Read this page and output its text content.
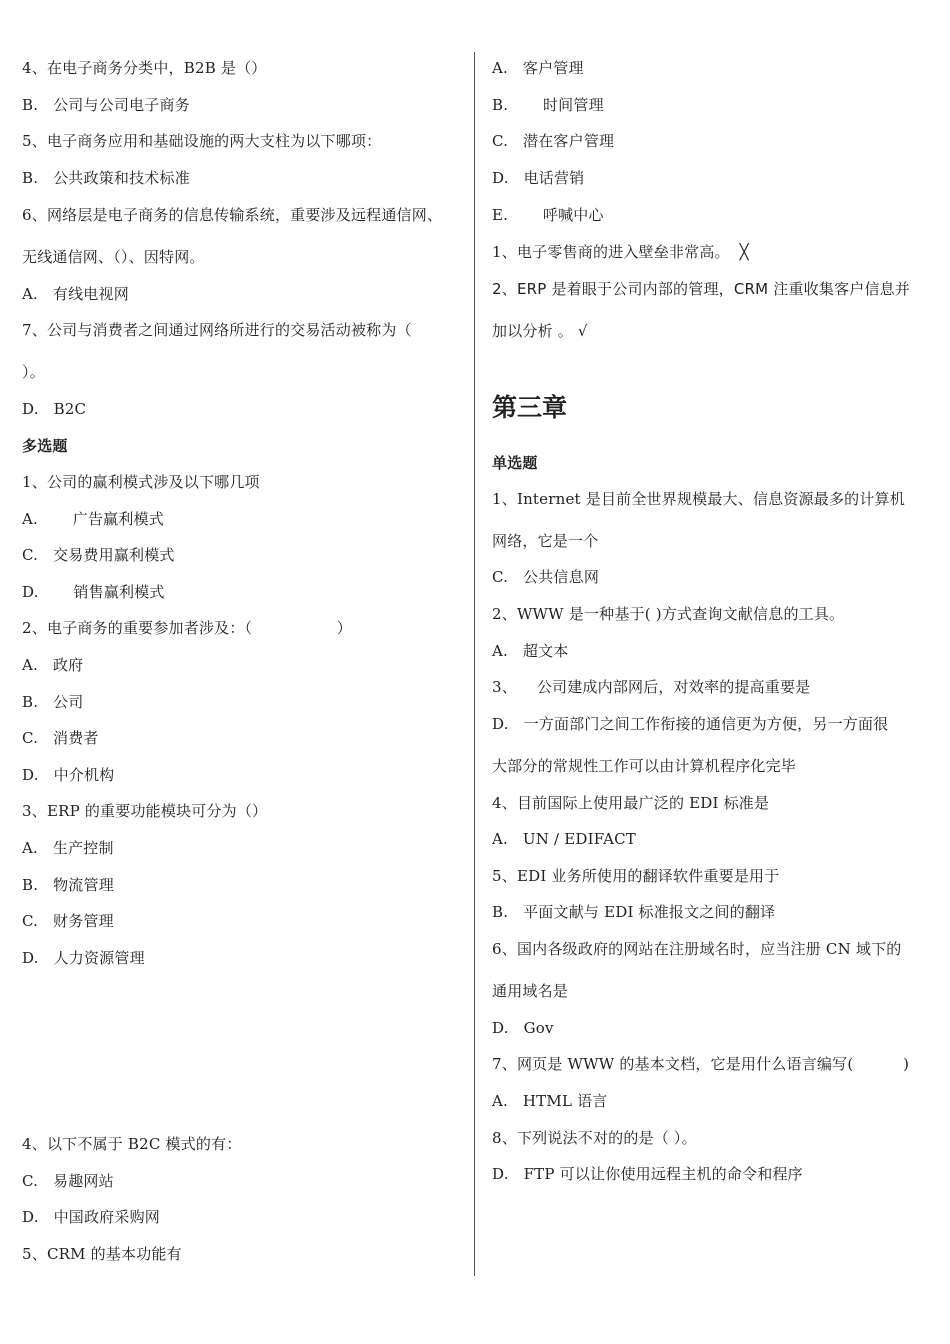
4、在电子商务分类中，B2B 是（）
B.   公司与公司电子商务
5、电子商务应用和基础设施的两大支柱为以下哪项：
B.   公共政策和技术标准
6、网络层是电子商务的信息传输系统，重要涉及远程通信网、
无线通信网、（）、因特网。
A.   有线电视网
7、公司与消费者之间通过网络所进行的交易活动被称为（
）。
D.   B2C
多选题
1、公司的赢利模式涉及以下哪几项
A.       广告赢利模式
C.   交易费用赢利模式
D.       销售赢利模式
2、电子商务的重要参加者涉及：（                 ）
A.   政府
B.   公司
C.   消费者
D.   中介机构
3、ERP 的重要功能模块可分为（）
A.   生产控制
B.   物流管理
C.   财务管理
D.   人力资源管理
4、以下不属于 B2C 模式的有：
C.   易趣网站
D.   中国政府采购网
5、CRM 的基本功能有
A.   客户管理
B.       时间管理
C.   潜在客户管理
D.   电话营销
E.       呼喊中心
1、电子零售商的进入壁垒非常高。  ╳
2、ERP 是着眼于公司内部的管理，CRM 注重收集客户信息并
加以分析 。 √
第三章
单选题
1、Internet 是目前全世界规模最大、信息资源最多的计算机
网络，它是一个
C.   公共信息网
2、WWW 是一种基于( )方式查询文献信息的工具。
A.   超文本
3、    公司建成内部网后，对效率的提高重要是
D.   一方面部门之间工作衔接的通信更为方便，另一方面很
大部分的常规性工作可以由计算机程序化完毕
4、目前国际上使用最广泛的 EDI 标准是
A.   UN / EDIFACT
5、EDI 业务所使用的翻译软件重要是用于
B.   平面文献与 EDI 标准报文之间的翻译
6、国内各级政府的网站在注册域名时，应当注册 CN 域下的
通用域名是
D.   Gov
7、网页是 WWW 的基本文档，它是用什么语言编写(          )
A.   HTML 语言
8、下列说法不对的的是（ ）。
D.   FTP 可以让你使用远程主机的命令和程序
